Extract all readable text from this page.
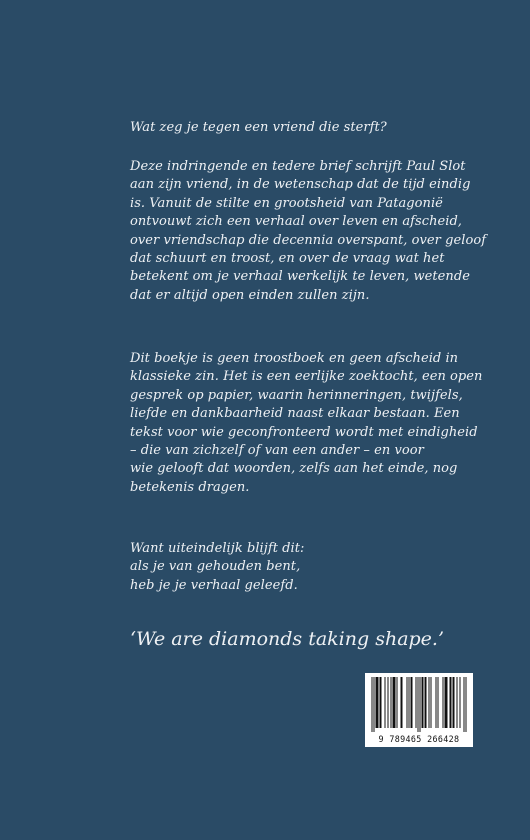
Wat zeg je tegen een vriend die sterft?
Deze indringende en tedere brief schrijft Paul Slot
aan zijn vriend, in de wetenschap dat de tijd eindig
is. Vanuit de stilte en grootsheid van Patagonië
ontvouwt zich een verhaal over leven en afscheid,
over vriendschap die decennia overspant, over geloof
dat schuurt en troost, en over de vraag wat het
betekent om je verhaal werkelijk te leven, wetende
dat er altijd open einden zullen zijn.
Dit boekje is geen troostboek en geen afscheid in
klassieke zin. Het is een eerlijke zoektocht, een open
gesprek op papier, waarin herinneringen, twijfels,
liefde en dankbaarheid naast elkaar bestaan. Een
tekst voor wie geconfronteerd wordt met eindigheid
– die van zichzelf of van een ander – en voor
wie gelooft dat woorden, zelfs aan het einde, nog
betekenis dragen.
Want uiteindelijk blijft dit:
als je van gehouden bent,
heb je je verhaal geleefd.
‘We are diamonds taking shape.’
9 789465 266428
